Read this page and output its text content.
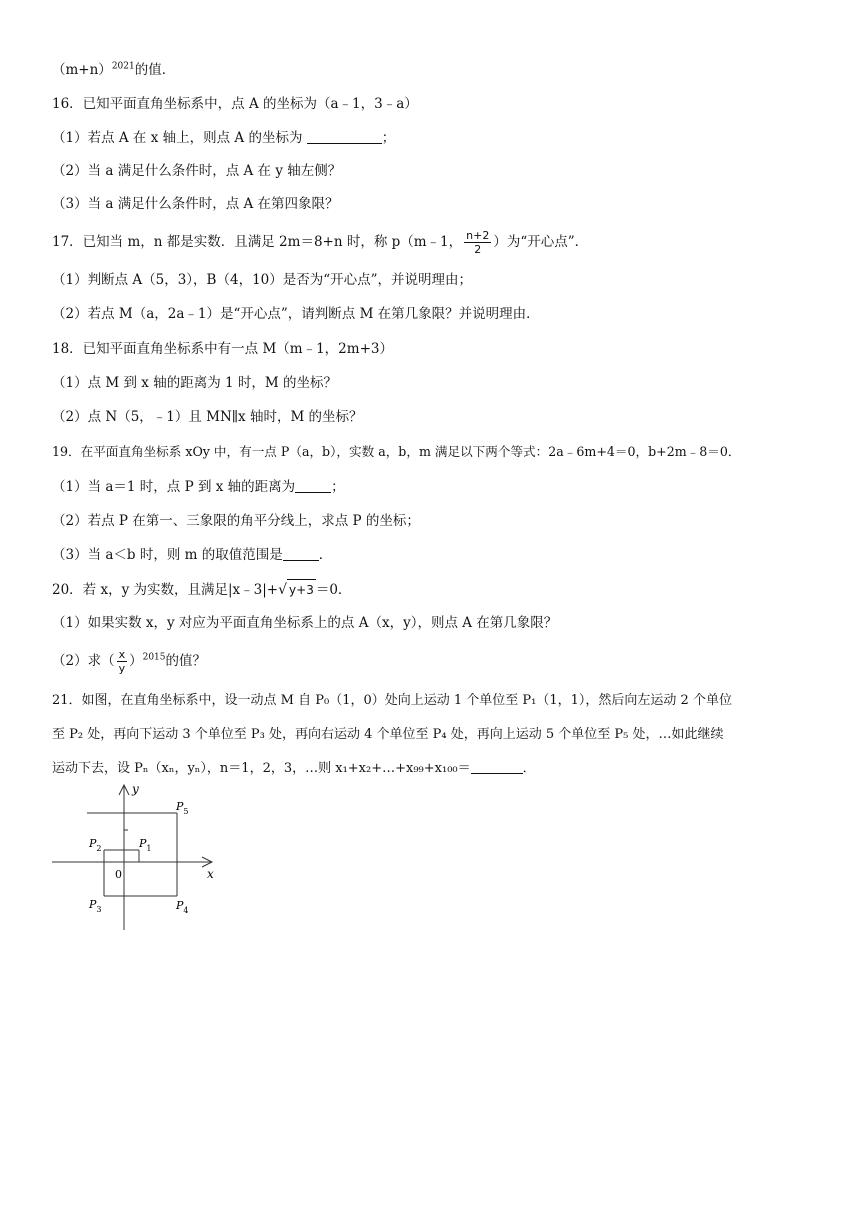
$(m+n)^{2021}$的值．
16．已知平面直角坐标系中，点 A 的坐标为（a﹣1，3﹣a）
（1）若点 A 在 x 轴上，则点 A 的坐标为	；
（2）当 a 满足什么条件时，点 A 在 y 轴左侧？
（3）当 a 满足什么条件时，点 A 在第四象限？
17．已知当 m，n 都是实数．且满足 2m＝8+n 时，称 p（m﹣1， $\frac{n+2}{2}$ ）为“开心点”．
（1）判断点 A（5，3），B（4，10）是否为“开心点”，并说明理由；
（2）若点 M（a，2a﹣1）是“开心点”，请判断点 M 在第几象限？并说明理由．
18．已知平面直角坐标系中有一点 M（m﹣1，2m+3）
（1）点 M 到 x 轴的距离为 1 时，M 的坐标？
（2）点 N（5，﹣1）且 MN∥x 轴时，M 的坐标？
19．在平面直角坐标系 xOy 中，有一点 P（a，b），实数 a，b，m 满足以下两个等式：2a﹣6m+4＝0，b+2m﹣8＝0．
（1）当 a＝1 时，点 P 到 x 轴的距离为	；
（2）若点 P 在第一、三象限的角平分线上，求点 P 的坐标；
（3）当 a＜b 时，则 m 的取值范围是	．
20．若 x，y 为实数，且满足|x﹣3|+√ y+3 ＝0．
（1）如果实数 x，y 对应为平面直角坐标系上的点 A（x，y），则点 A 在第几象限？
（2）求（ $\frac{x}{y} )^{2015}$的值？
21．如图，在直角坐标系中，设一动点 M 自 P₀（1，0）处向上运动 1 个单位至 P₁（1，1），然后向左运动 2 个单位
至 P₂ 处，再向下运动 3 个单位至 P₃ 处，再向右运动 4 个单位至 P₄ 处，再向上运动 5 个单位至 P₅ 处，…如此继续
运动下去，设 Pₙ（xₙ，yₙ），n＝1，2，3，…则 x₁+x₂+…+x₉₉+x₁₀₀＝	．
y
x
0
$P_1$
$P_2$
$P_3$	$P_4$
$P_5$
